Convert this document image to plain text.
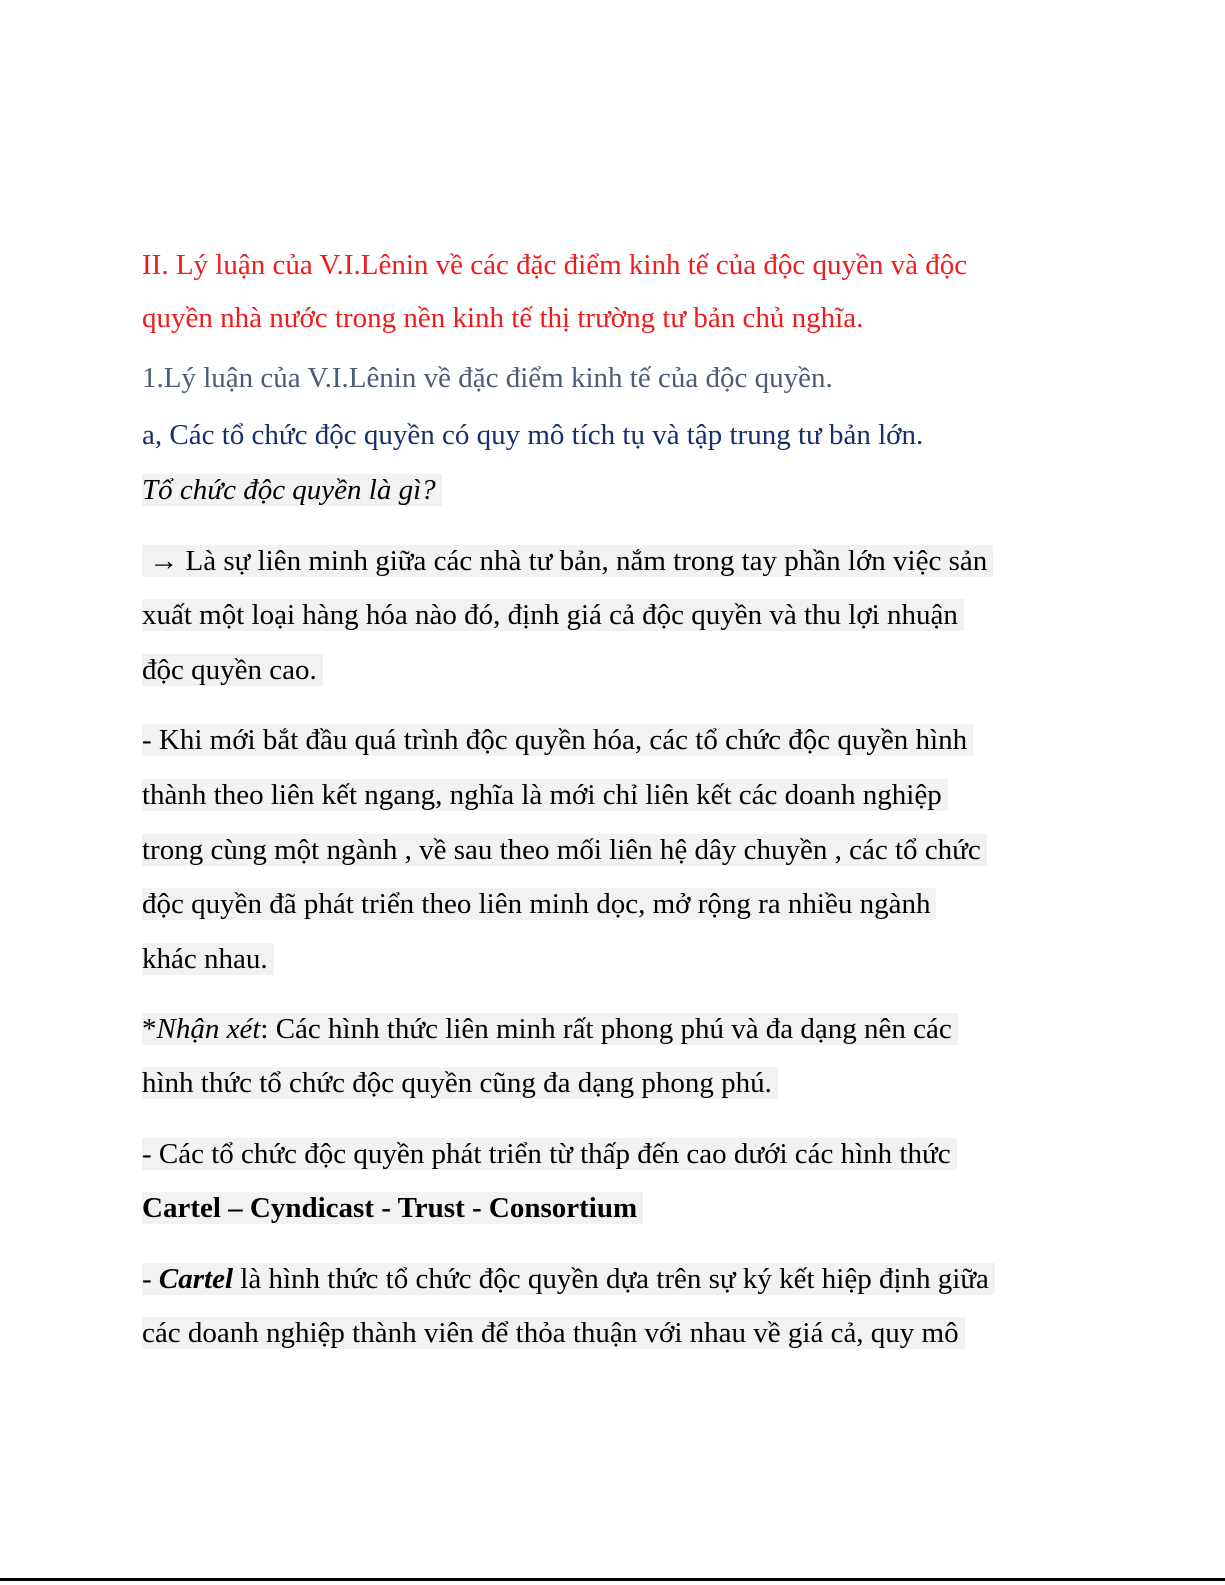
II. Lý luận của V.I.Lênin về các đặc điểm kinh tế của độc quyền và độc
quyền nhà nước trong nền kinh tế thị trường tư bản chủ nghĩa.
1.Lý luận của V.I.Lênin về đặc điểm kinh tế của độc quyền.
a, Các tổ chức độc quyền có quy mô tích tụ và tập trung tư bản lớn.
Tổ chức độc quyền là gì?
→ Là sự liên minh giữa các nhà tư bản, nắm trong tay phần lớn việc sản
xuất một loại hàng hóa nào đó, định giá cả độc quyền và thu lợi nhuận
độc quyền cao.
- Khi mới bắt đầu quá trình độc quyền hóa, các tổ chức độc quyền hình
thành theo liên kết ngang, nghĩa là mới chỉ liên kết các doanh nghiệp
trong cùng một ngành , về sau theo mối liên hệ dây chuyền , các tổ chức
độc quyền đã phát triển theo liên minh dọc, mở rộng ra nhiều ngành
khác nhau.
*Nhận xét: Các hình thức liên minh rất phong phú và đa dạng nên các
hình thức tổ chức độc quyền cũng đa dạng phong phú.
- Các tổ chức độc quyền phát triển từ thấp đến cao dưới các hình thức
Cartel – Cyndicast - Trust - Consortium
- Cartel là hình thức tổ chức độc quyền dựa trên sự ký kết hiệp định giữa
các doanh nghiệp thành viên để thỏa thuận với nhau về giá cả, quy mô
